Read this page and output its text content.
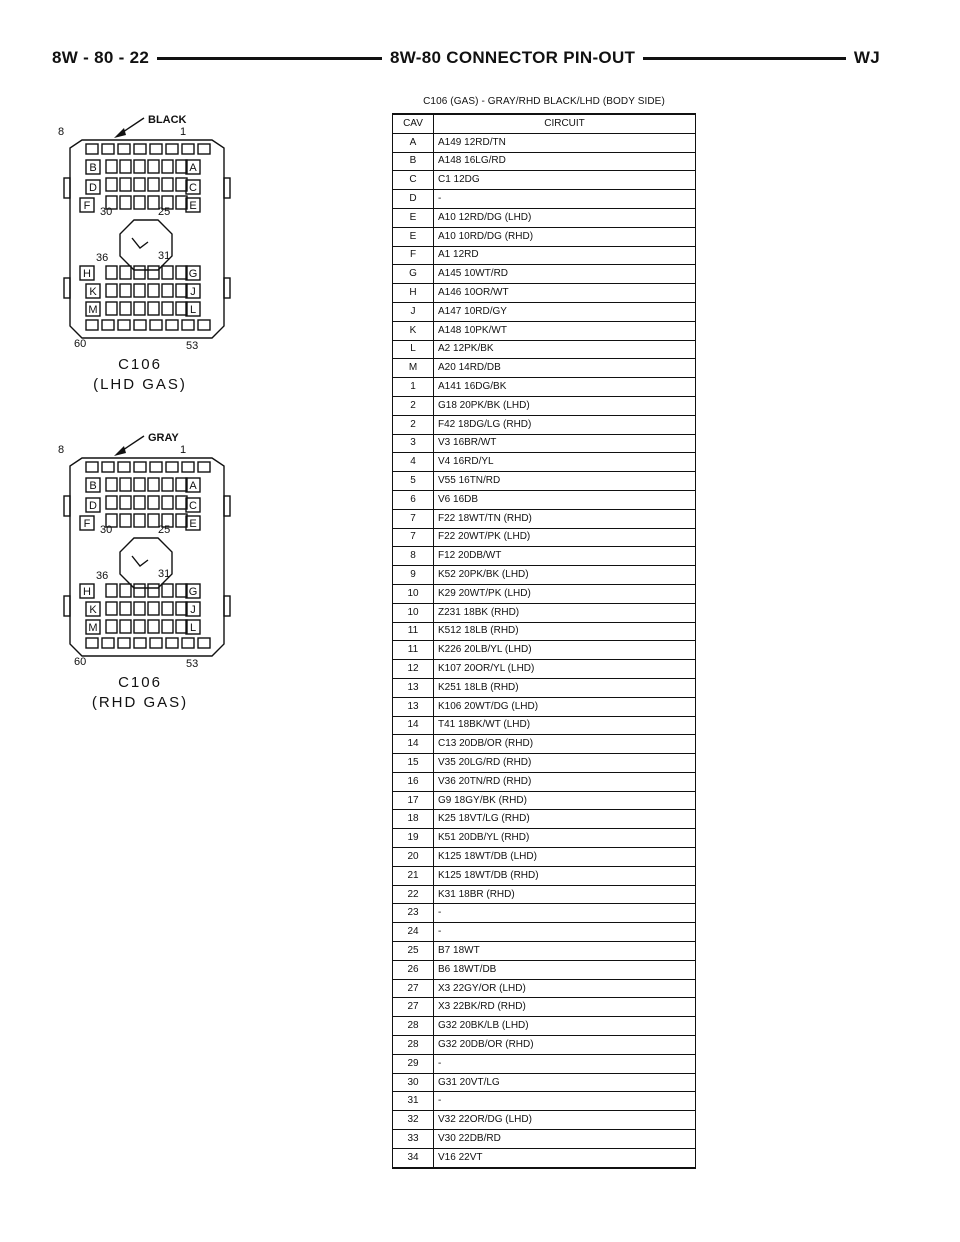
8W - 80 - 22	8W-80 CONNECTOR PIN-OUT	WJ
B	A
D	C
F	E
H	G
K	J
M	L
BLACK
8	1
30	25
36	31
60	53
C106
(LHD GAS)
B	A
D	C
F	E
H	G
K	J
M	L
GRAY
8	1
30	25
36	31
60	53
C106
(RHD GAS)
C106 (GAS) - GRAY/RHD BLACK/LHD (BODY SIDE)
CAV	CIRCUIT
A	A149 12RD/TN
B	A148 16LG/RD
C	C1 12DG
D	-
E	A10 12RD/DG (LHD)
E	A10 10RD/DG (RHD)
F	A1 12RD
G	A145 10WT/RD
H	A146 10OR/WT
J	A147 10RD/GY
K	A148 10PK/WT
L	A2 12PK/BK
M	A20 14RD/DB
1	A141 16DG/BK
2	G18 20PK/BK (LHD)
2	F42 18DG/LG (RHD)
3	V3 16BR/WT
4	V4 16RD/YL
5	V55 16TN/RD
6	V6 16DB
7	F22 18WT/TN (RHD)
7	F22 20WT/PK (LHD)
8	F12 20DB/WT
9	K52 20PK/BK (LHD)
10	K29 20WT/PK (LHD)
10	Z231 18BK (RHD)
11	K512 18LB (RHD)
11	K226 20LB/YL (LHD)
12	K107 20OR/YL (LHD)
13	K251 18LB (RHD)
13	K106 20WT/DG (LHD)
14	T41 18BK/WT (LHD)
14	C13 20DB/OR (RHD)
15	V35 20LG/RD (RHD)
16	V36 20TN/RD (RHD)
17	G9 18GY/BK (RHD)
18	K25 18VT/LG (RHD)
19	K51 20DB/YL (RHD)
20	K125 18WT/DB (LHD)
21	K125 18WT/DB (RHD)
22	K31 18BR (RHD)
23	-
24	-
25	B7 18WT
26	B6 18WT/DB
27	X3 22GY/OR (LHD)
27	X3 22BK/RD (RHD)
28	G32 20BK/LB (LHD)
28	G32 20DB/OR (RHD)
29	-
30	G31 20VT/LG
31	-
32	V32 22OR/DG (LHD)
33	V30 22DB/RD
34	V16 22VT
